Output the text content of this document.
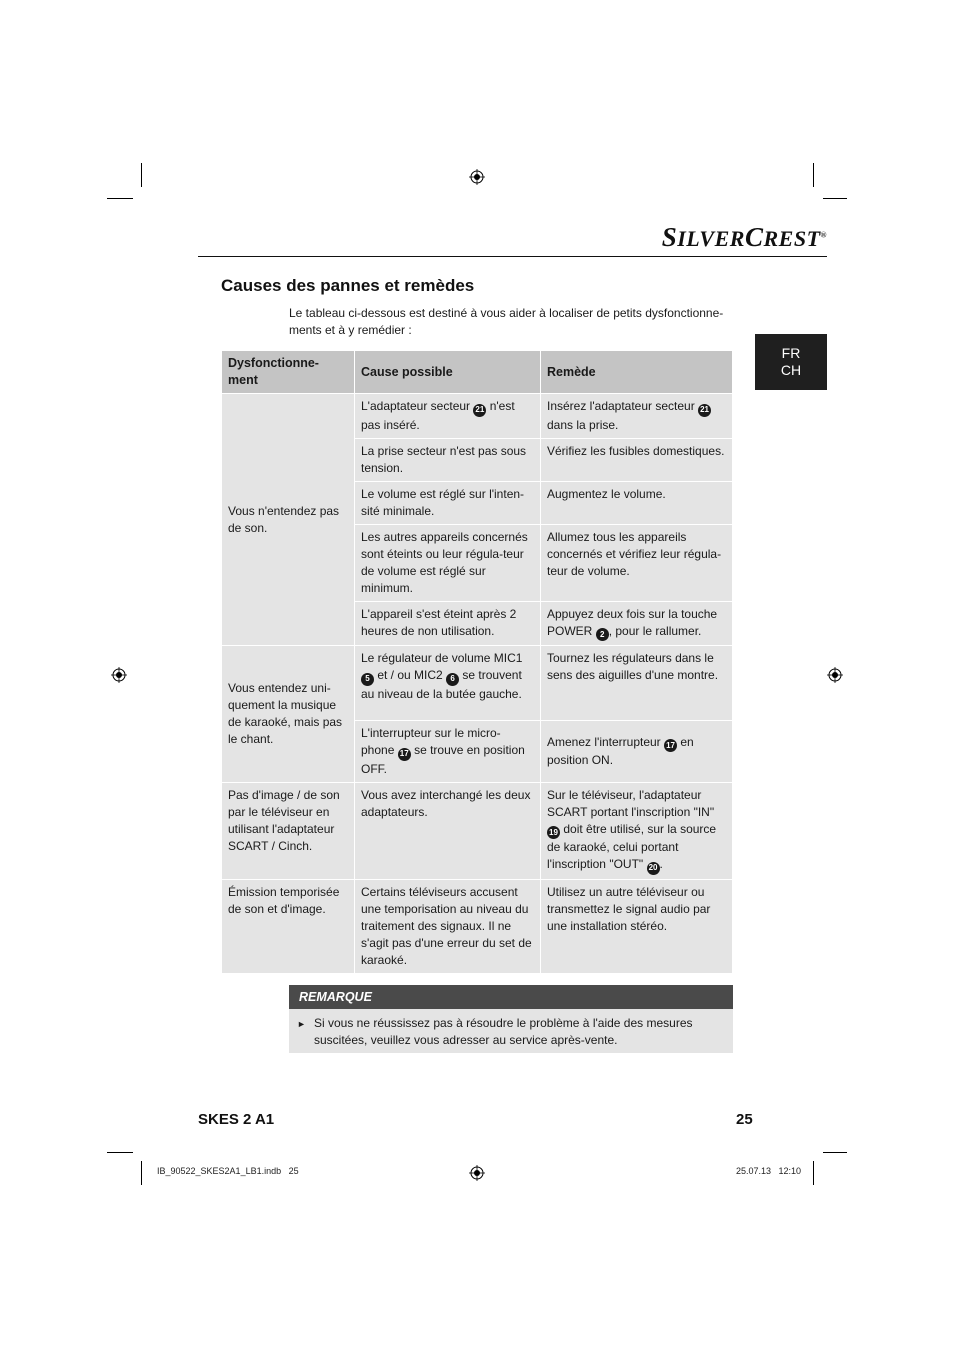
SILVERCREST®
FR
CH
Causes des pannes et remèdes

Le tableau ci-dessous est destiné à vous aider à localiser de petits dysfonctionne-ments et à y remédier :

Dysfonctionne-ment	Cause possible	Remède
Vous n'entendez pas de son.	L'adaptateur secteur 21 n'est pas inséré.	Insérez l'adaptateur secteur 21 dans la prise.
	La prise secteur n'est pas sous tension.	Vérifiez les fusibles domestiques.
	Le volume est réglé sur l'inten-sité minimale.	Augmentez le volume.
	Les autres appareils concernés sont éteints ou leur régula-teur de volume est réglé sur minimum.	Allumez tous les appareils concernés et vérifiez leur régula-teur de volume.
	L'appareil s'est éteint après 2 heures de non utilisation.	Appuyez deux fois sur la touche POWER 2 , pour le rallumer.
Vous entendez uni-quement la musique de karaoké, mais pas le chant.	Le régulateur de volume MIC1 5 et / ou MIC2 6 se trouvent au niveau de la butée gauche.	Tournez les régulateurs dans le sens des aiguilles d'une montre.
	L'interrupteur sur le micro-phone 17 se trouve en position OFF.	Amenez l'interrupteur 17 en position ON.
Pas d'image / de son par le téléviseur en utilisant l'adaptateur SCART / Cinch.	Vous avez interchangé les deux adaptateurs.	Sur le téléviseur, l'adaptateur SCART portant l'inscription "IN" 19 doit être utilisé, sur la source de karaoké, celui portant l'inscription "OUT" 20 .
Émission temporisée de son et d'image.	Certains téléviseurs accusent une temporisation au niveau du traitement des signaux. Il ne s'agit pas d'une erreur du set de karaoké.	Utilisez un autre téléviseur ou transmettez le signal audio par une installation stéréo.
REMARQUE
► Si vous ne réussissez pas à résoudre le problème à l'aide des mesures suscitées, veuillez vous adresser au service après-vente.
SKES 2 A1	25
IB_90522_SKES2A1_LB1.indb   25	25.07.13   12:10
